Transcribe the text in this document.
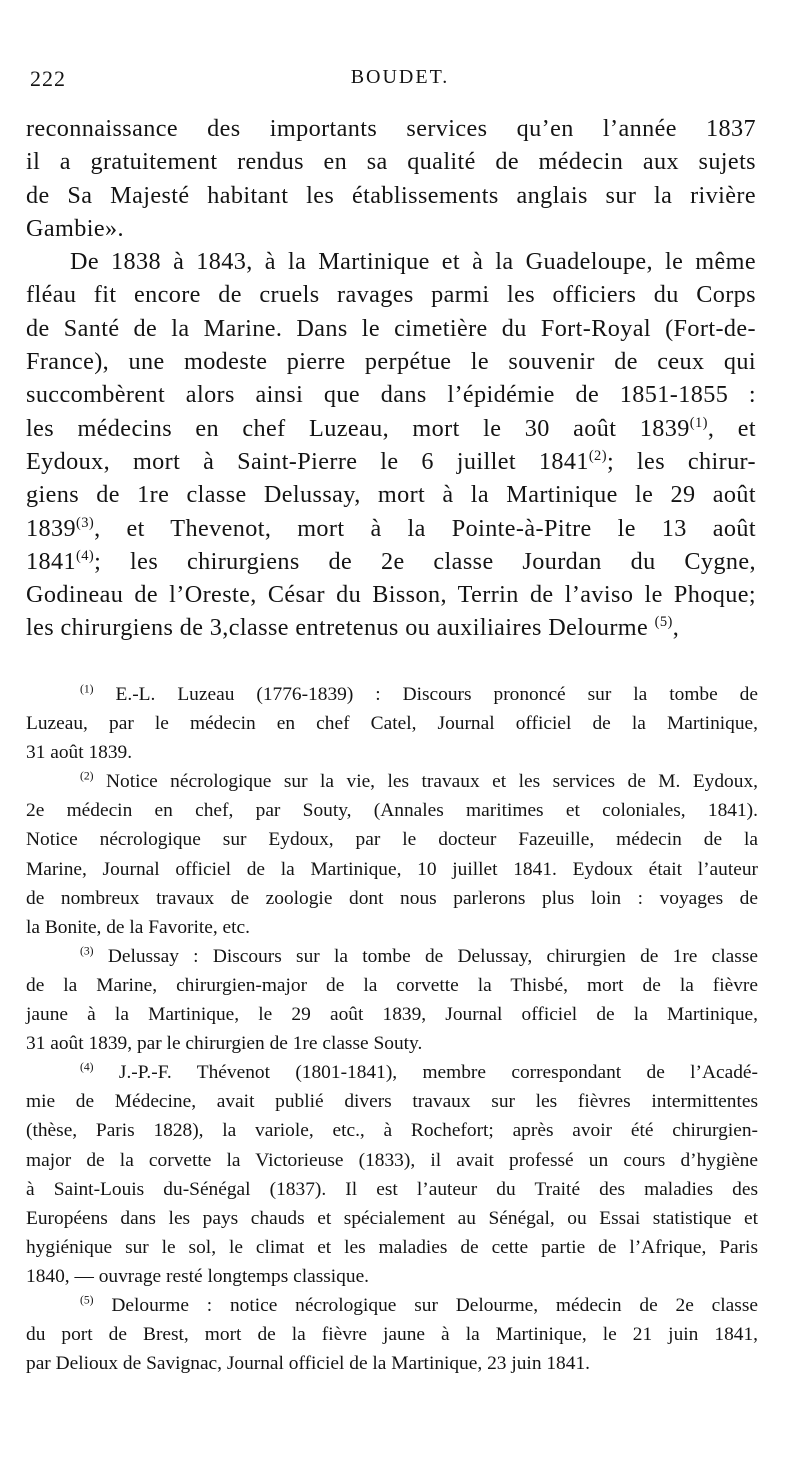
222	BOUDET.
reconnaissance des importants services qu’en l’année 1837
il a gratuitement rendus en sa qualité de médecin aux sujets
de Sa Majesté habitant les établissements anglais sur la rivière
Gambie».
De 1838 à 1843, à la Martinique et à la Guadeloupe, le même
fléau fit encore de cruels ravages parmi les officiers du Corps
de Santé de la Marine. Dans le cimetière du Fort-Royal (Fort-de-
France), une modeste pierre perpétue le souvenir de ceux qui
succombèrent alors ainsi que dans l’épidémie de 1851-1855 :
les médecins en chef Luzeau, mort le 30 août 1839$^{(1)}$, et
Eydoux, mort à Saint-Pierre le 6 juillet 1841$^{(2)}$; les chirur-
giens de 1re classe Delussay, mort à la Martinique le 29 août
1839$^{(3)}$, et Thevenot, mort à la Pointe-à-Pitre le 13 août
1841$^{(4)}$; les chirurgiens de 2e classe Jourdan du Cygne,
Godineau de l’Oreste, César du Bisson, Terrin de l’aviso le Phoque;
les chirurgiens de 3,classe entretenus ou auxiliaires Delourme $^{(5)}$,
$^{(1)}$ E.-L. Luzeau (1776-1839) : Discours prononcé sur la tombe de
Luzeau, par le médecin en chef Catel, Journal officiel de la Martinique,
31 août 1839.
$^{(2)}$ Notice nécrologique sur la vie, les travaux et les services de M. Eydoux,
2e médecin en chef, par Souty, (Annales maritimes et coloniales, 1841).
Notice nécrologique sur Eydoux, par le docteur Fazeuille, médecin de la
Marine, Journal officiel de la Martinique, 10 juillet 1841. Eydoux était l’auteur
de nombreux travaux de zoologie dont nous parlerons plus loin : voyages de
la Bonite, de la Favorite, etc.
$^{(3)}$ Delussay : Discours sur la tombe de Delussay, chirurgien de 1re classe
de la Marine, chirurgien-major de la corvette la Thisbé, mort de la fièvre
jaune à la Martinique, le 29 août 1839, Journal officiel de la Martinique,
31 août 1839, par le chirurgien de 1re classe Souty.
$^{(4)}$ J.-P.-F. Thévenot (1801-1841), membre correspondant de l’Acadé-
mie de Médecine, avait publié divers travaux sur les fièvres intermittentes
(thèse, Paris 1828), la variole, etc., à Rochefort; après avoir été chirurgien-
major de la corvette la Victorieuse (1833), il avait professé un cours d’hygiène
à Saint-Louis du-Sénégal (1837). Il est l’auteur du Traité des maladies des
Européens dans les pays chauds et spécialement au Sénégal, ou Essai statistique et
hygiénique sur le sol, le climat et les maladies de cette partie de l’Afrique, Paris
1840, — ouvrage resté longtemps classique.
$^{(5)}$ Delourme : notice nécrologique sur Delourme, médecin de 2e classe
du port de Brest, mort de la fièvre jaune à la Martinique, le 21 juin 1841,
par Delioux de Savignac, Journal officiel de la Martinique, 23 juin 1841.
